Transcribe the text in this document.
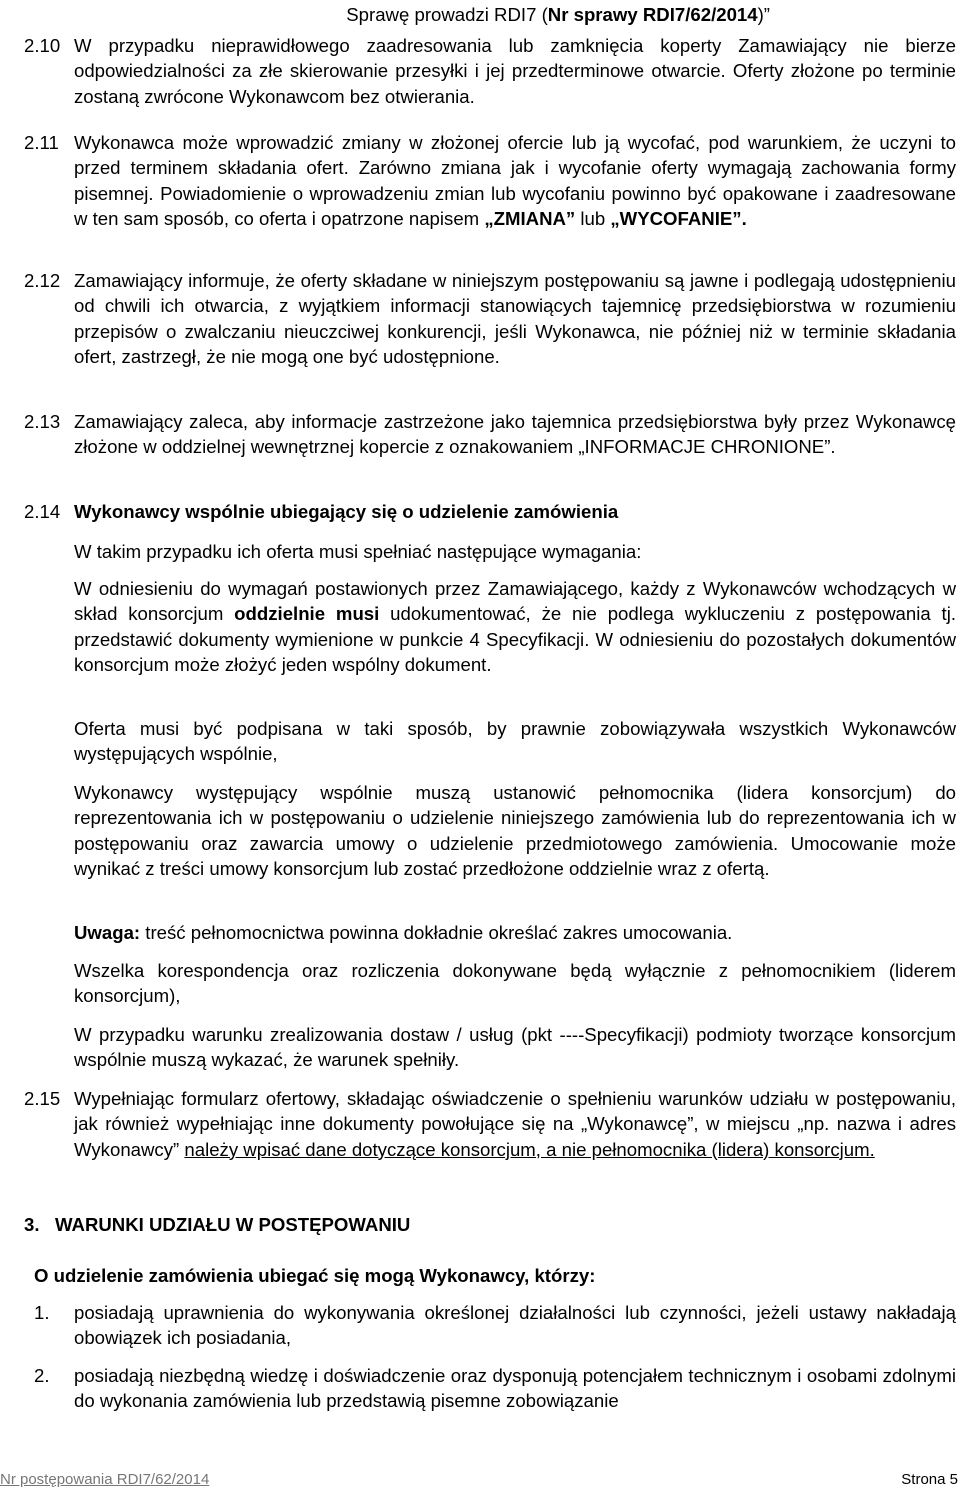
Sprawę prowadzi RDI7 (Nr sprawy RDI7/62/2014)”
2.10 W przypadku nieprawidłowego zaadresowania lub zamknięcia koperty Zamawiający nie bierze odpowiedzialności za złe skierowanie przesyłki i jej przedterminowe otwarcie. Oferty złożone po terminie zostaną zwrócone Wykonawcom bez otwierania.
2.11 Wykonawca może wprowadzić zmiany w złożonej ofercie lub ją wycofać, pod warunkiem, że uczyni to przed terminem składania ofert. Zarówno zmiana jak i wycofanie oferty wymagają zachowania formy pisemnej. Powiadomienie o wprowadzeniu zmian lub wycofaniu powinno być opakowane i zaadresowane w ten sam sposób, co oferta i opatrzone napisem „ZMIANA” lub „WYCOFANIE”.
2.12 Zamawiający informuje, że oferty składane w niniejszym postępowaniu są jawne i podlegają udostępnieniu od chwili ich otwarcia, z wyjątkiem informacji stanowiących tajemnicę przedsiębiorstwa w rozumieniu przepisów o zwalczaniu nieuczciwej konkurencji, jeśli Wykonawca, nie później niż w terminie składania ofert, zastrzegł, że nie mogą one być udostępnione.
2.13 Zamawiający zaleca, aby informacje zastrzeżone jako tajemnica przedsiębiorstwa były przez Wykonawcę złożone w oddzielnej wewnętrznej kopercie z oznakowaniem „INFORMACJE CHRONIONE”.
2.14 Wykonawcy wspólnie ubiegający się o udzielenie zamówienia
W takim przypadku ich oferta musi spełniać następujące wymagania:
W odniesieniu do wymagań postawionych przez Zamawiającego, każdy z Wykonawców wchodzących w skład konsorcjum oddzielnie musi udokumentować, że nie podlega wykluczeniu z postępowania tj. przedstawić dokumenty wymienione w punkcie 4 Specyfikacji. W odniesieniu do pozostałych dokumentów konsorcjum może złożyć jeden wspólny dokument.
Oferta musi być podpisana w taki sposób, by prawnie zobowiązywała wszystkich Wykonawców występujących wspólnie,
Wykonawcy występujący wspólnie muszą ustanowić pełnomocnika (lidera konsorcjum) do reprezentowania ich w postępowaniu o udzielenie niniejszego zamówienia lub do reprezentowania ich w postępowaniu oraz zawarcia umowy o udzielenie przedmiotowego zamówienia. Umocowanie może wynikać z treści umowy konsorcjum lub zostać przedłożone oddzielnie wraz z ofertą.
Uwaga: treść pełnomocnictwa powinna dokładnie określać zakres umocowania.
Wszelka korespondencja oraz rozliczenia dokonywane będą wyłącznie z pełnomocnikiem (liderem konsorcjum),
W przypadku warunku zrealizowania dostaw / usług (pkt ----Specyfikacji) podmioty tworzące konsorcjum wspólnie muszą wykazać, że warunek spełniły.
2.15 Wypełniając formularz ofertowy, składając oświadczenie o spełnieniu warunków udziału w postępowaniu, jak również wypełniając inne dokumenty powołujące się na „Wykonawcę”, w miejscu „np. nazwa i adres Wykonawcy” należy wpisać dane dotyczące konsorcjum, a nie pełnomocnika (lidera) konsorcjum.
3.   WARUNKI UDZIAŁU W POSTĘPOWANIU
O udzielenie zamówienia ubiegać się mogą Wykonawcy, którzy:
1. posiadają uprawnienia do wykonywania określonej działalności lub czynności, jeżeli ustawy nakładają obowiązek ich posiadania,
2. posiadają niezbędną wiedzę i doświadczenie oraz dysponują potencjałem technicznym i osobami zdolnymi do wykonania zamówienia lub przedstawią pisemne zobowiązanie
Nr postępowania RDI7/62/2014	Strona 5
